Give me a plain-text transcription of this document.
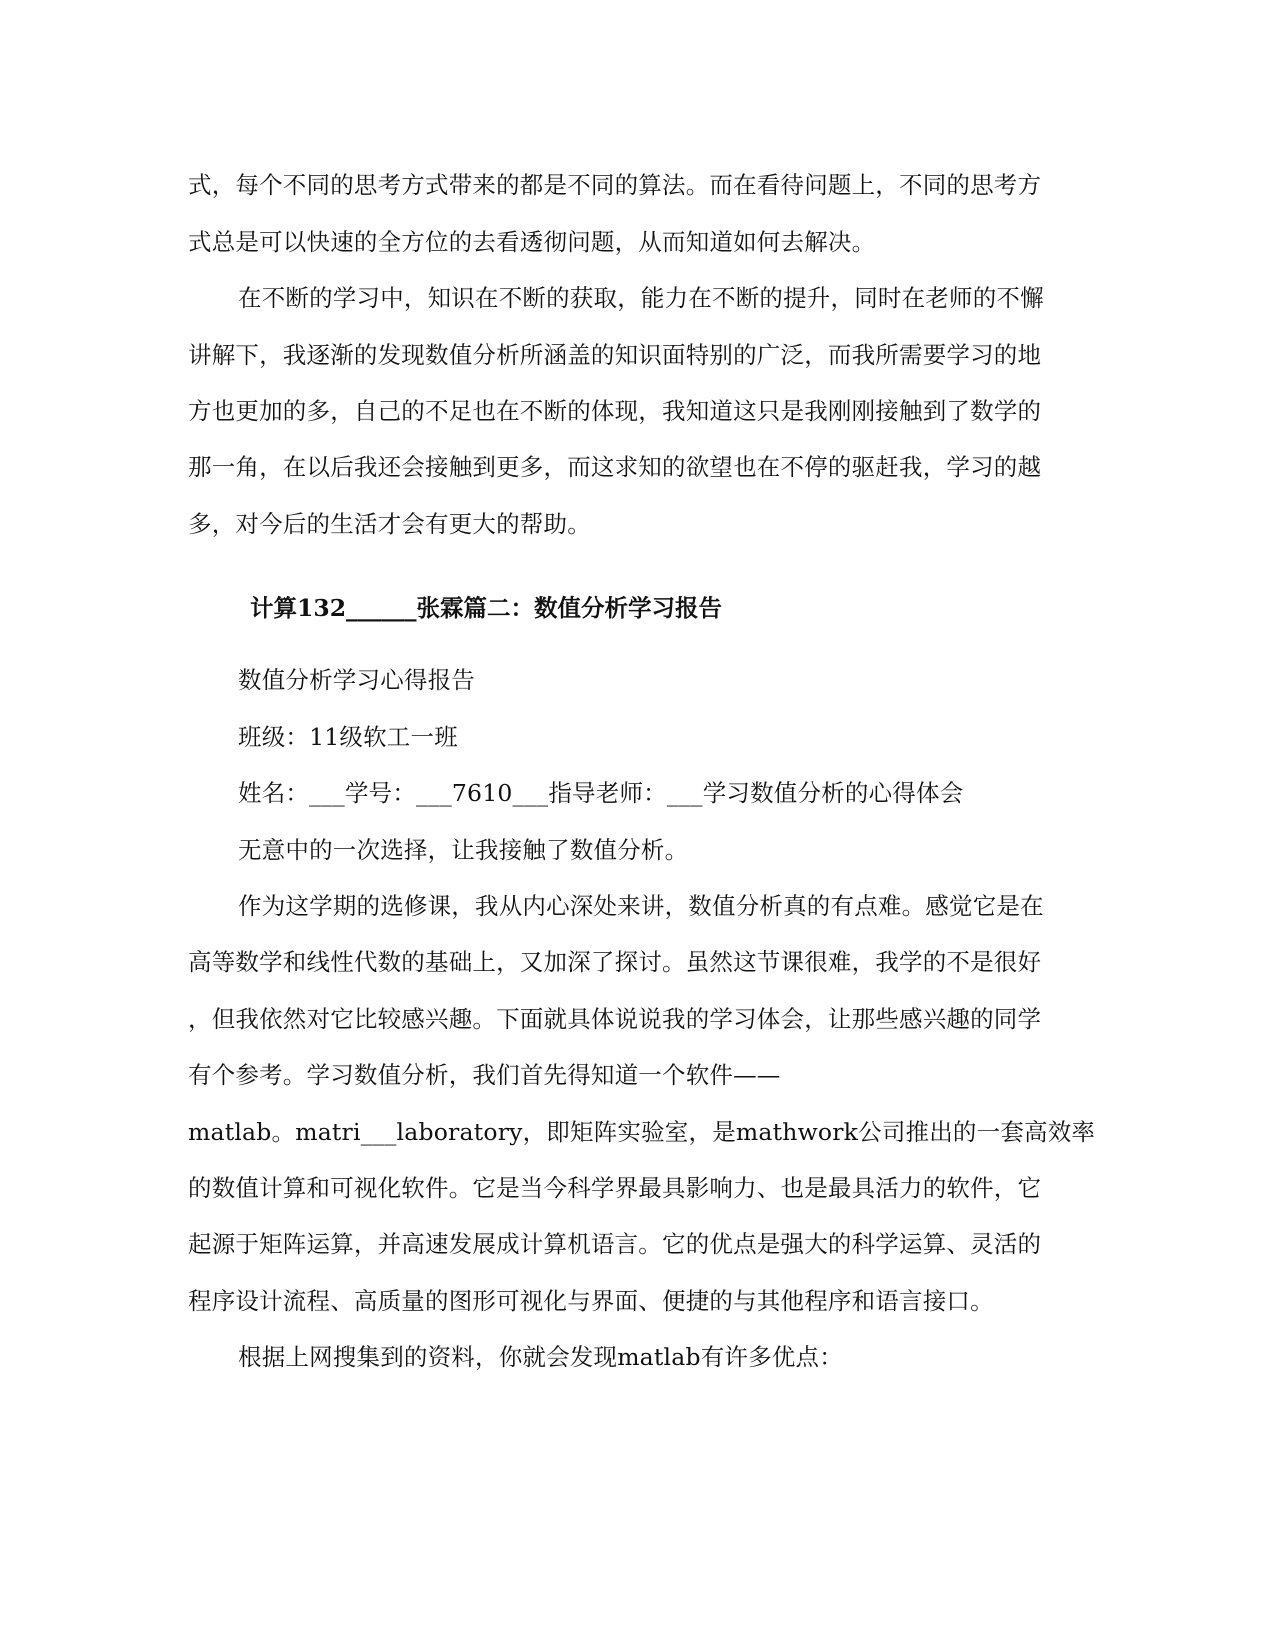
式，每个不同的思考方式带来的都是不同的算法。而在看待问题上，不同的思考方
式总是可以快速的全方位的去看透彻问题，从而知道如何去解决。
在不断的学习中，知识在不断的获取，能力在不断的提升，同时在老师的不懈
讲解下，我逐渐的发现数值分析所涵盖的知识面特别的广泛，而我所需要学习的地
方也更加的多，自己的不足也在不断的体现，我知道这只是我刚刚接触到了数学的
那一角，在以后我还会接触到更多，而这求知的欲望也在不停的驱赶我，学习的越
多，对今后的生活才会有更大的帮助。
计算132______张霖篇二：数值分析学习报告
数值分析学习心得报告
班级：11级软工一班
姓名：___学号：___7610___指导老师：___学习数值分析的心得体会
无意中的一次选择，让我接触了数值分析。
作为这学期的选修课，我从内心深处来讲，数值分析真的有点难。感觉它是在
高等数学和线性代数的基础上，又加深了探讨。虽然这节课很难，我学的不是很好
，但我依然对它比较感兴趣。下面就具体说说我的学习体会，让那些感兴趣的同学
有个参考。学习数值分析，我们首先得知道一个软件——
matlab。matri___laboratory，即矩阵实验室，是mathwork公司推出的一套高效率
的数值计算和可视化软件。它是当今科学界最具影响力、也是最具活力的软件，它
起源于矩阵运算，并高速发展成计算机语言。它的优点是强大的科学运算、灵活的
程序设计流程、高质量的图形可视化与界面、便捷的与其他程序和语言接口。
根据上网搜集到的资料，你就会发现matlab有许多优点：
